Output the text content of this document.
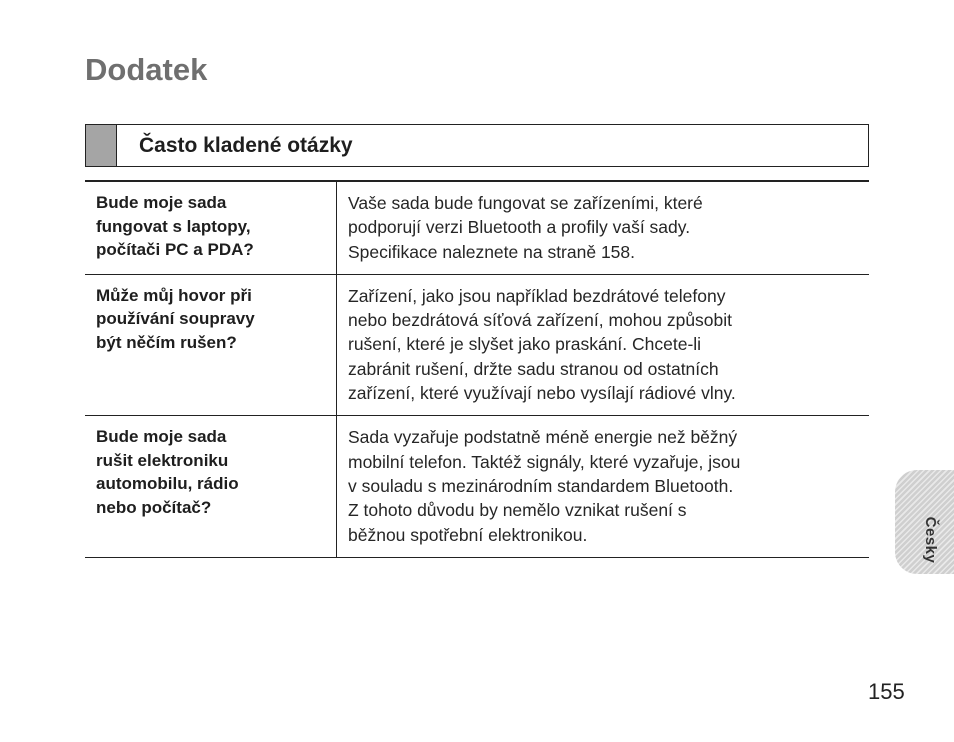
Dodatek
Často kladené otázky
Bude moje sada
fungovat s laptopy,
počítači PC a PDA?
Vaše sada bude fungovat se zařízeními, které
podporují verzi Bluetooth a profily vaší sady.
Specifikace naleznete na straně 158.
Může můj hovor při
používání soupravy
být něčím rušen?
Zařízení, jako jsou například bezdrátové telefony
nebo bezdrátová síťová zařízení, mohou způsobit
rušení, které je slyšet jako praskání. Chcete-li
zabránit rušení, držte sadu stranou od ostatních
zařízení, které využívají nebo vysílají rádiové vlny.
Bude moje sada
rušit elektroniku
automobilu, rádio
nebo počítač?
Sada vyzařuje podstatně méně energie než běžný
mobilní telefon. Taktéž signály, které vyzařuje, jsou
v souladu s mezinárodním standardem Bluetooth.
Z tohoto důvodu by nemělo vznikat rušení s
běžnou spotřební elektronikou.	Česky
155
